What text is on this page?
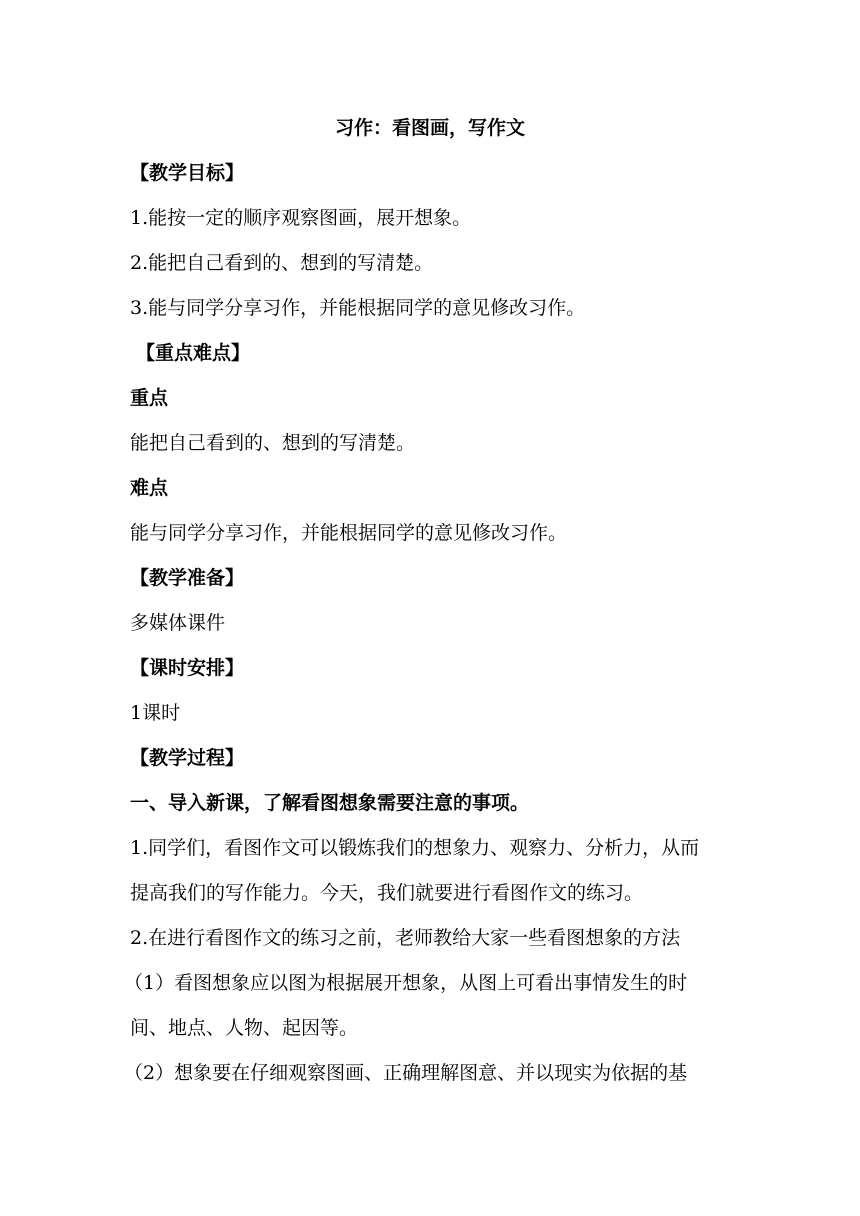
习作：看图画，写作文
【教学目标】
1.能按一定的顺序观察图画，展开想象。
2.能把自己看到的、想到的写清楚。
3.能与同学分享习作，并能根据同学的意见修改习作。
【重点难点】
重点
能把自己看到的、想到的写清楚。
难点
能与同学分享习作，并能根据同学的意见修改习作。
【教学准备】
多媒体课件
【课时安排】
1课时
【教学过程】
一、导入新课，了解看图想象需要注意的事项。
1.同学们，看图作文可以锻炼我们的想象力、观察力、分析力，从而
提高我们的写作能力。今天，我们就要进行看图作文的练习。
2.在进行看图作文的练习之前，老师教给大家一些看图想象的方法
（1）看图想象应以图为根据展开想象，从图上可看出事情发生的时
间、地点、人物、起因等。
（2）想象要在仔细观察图画、正确理解图意、并以现实为依据的基
